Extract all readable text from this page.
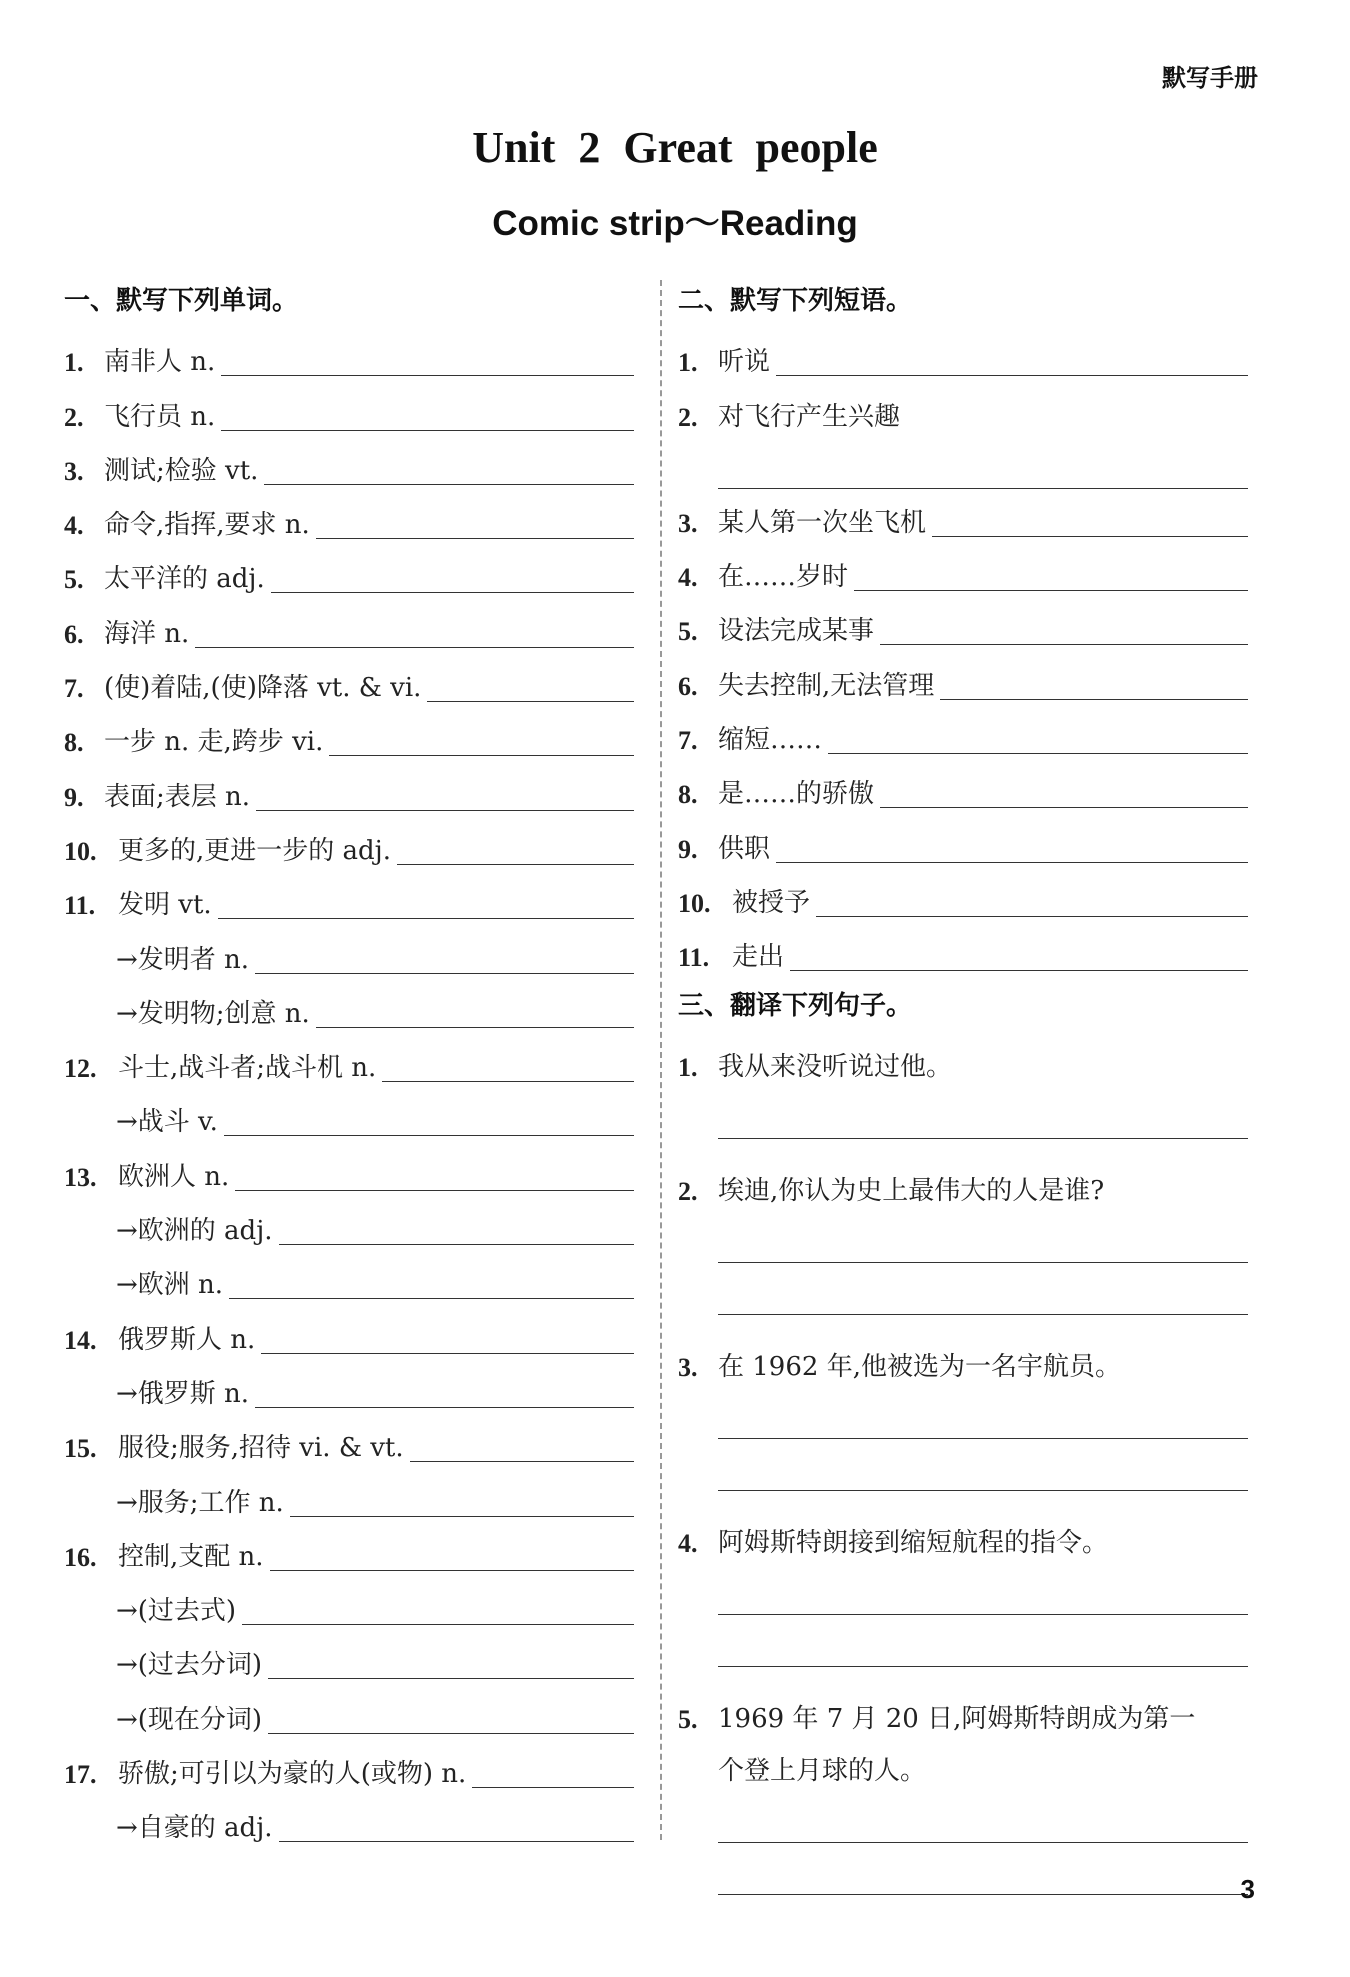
默写手册
Unit 2 Great people
Comic strip～Reading
一、默写下列单词。
1. 南非人 n.
2. 飞行员 n.
3. 测试;检验 vt.
4. 命令,指挥,要求 n.
5. 太平洋的 adj.
6. 海洋 n.
7. (使)着陆,(使)降落 vt. & vi.
8. 一步 n. 走,跨步 vi.
9. 表面;表层 n.
10. 更多的,更进一步的 adj.
11. 发明 vt.
→发明者 n.
→发明物;创意 n.
12. 斗士,战斗者;战斗机 n.
→战斗 v.
13. 欧洲人 n.
→欧洲的 adj.
→欧洲 n.
14. 俄罗斯人 n.
→俄罗斯 n.
15. 服役;服务,招待 vi. & vt.
→服务;工作 n.
16. 控制,支配 n.
→(过去式)
→(过去分词)
→(现在分词)
17. 骄傲;可引以为豪的人(或物) n.
→自豪的 adj.
二、默写下列短语。
1. 听说
2. 对飞行产生兴趣
3. 某人第一次坐飞机
4. 在……岁时
5. 设法完成某事
6. 失去控制,无法管理
7. 缩短……
8. 是……的骄傲
9. 供职
10. 被授予
11. 走出
三、翻译下列句子。
1. 我从来没听说过他。
2. 埃迪,你认为史上最伟大的人是谁?
3. 在 1962 年,他被选为一名宇航员。
4. 阿姆斯特朗接到缩短航程的指令。
5. 1969 年 7 月 20 日,阿姆斯特朗成为第一
个登上月球的人。
3
